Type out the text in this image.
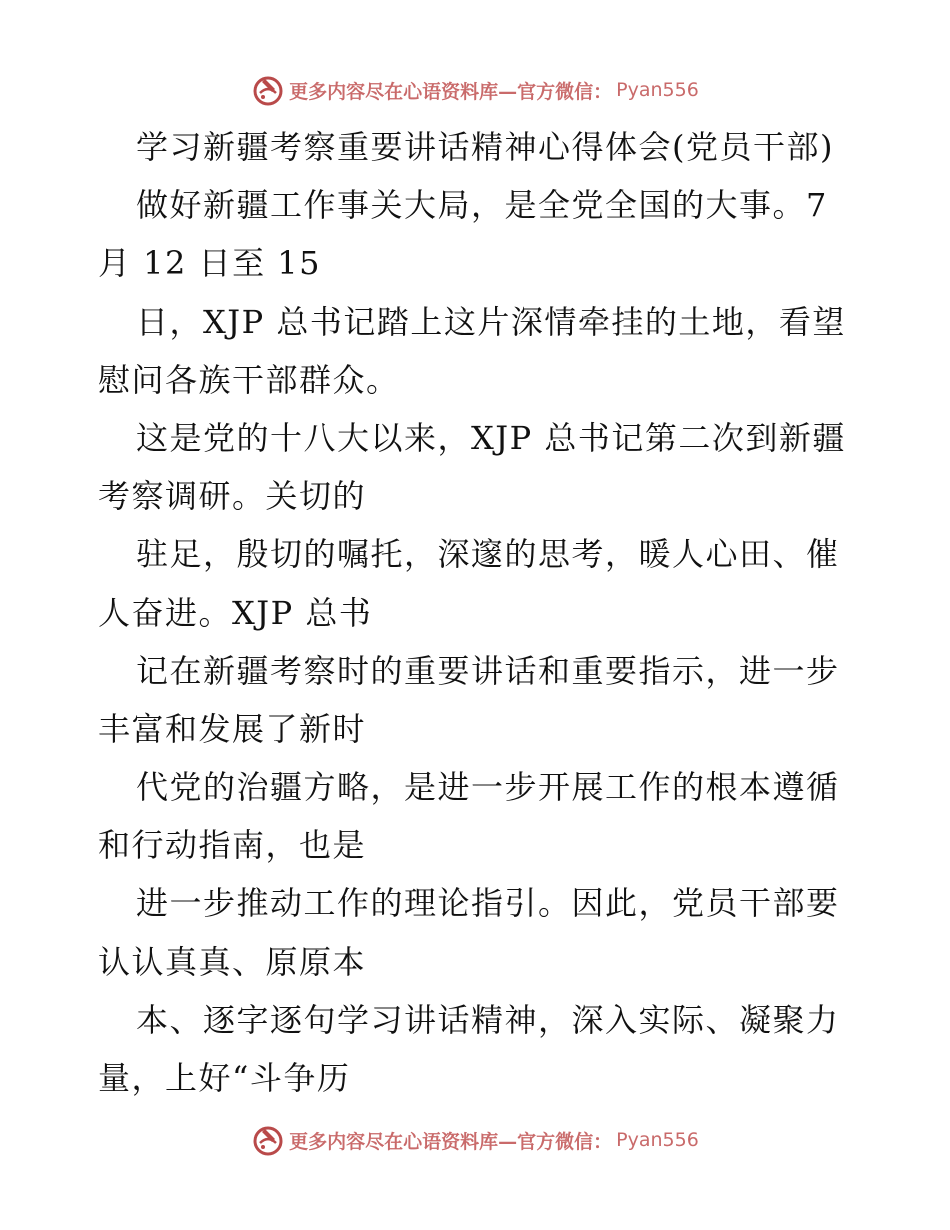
更多内容尽在心语资料库—官方微信： Pyan556
学习新疆考察重要讲话精神心得体会(党员干部)
做好新疆工作事关大局，是全党全国的大事。7
月 12 日至 15
日，XJP 总书记踏上这片深情牵挂的土地，看望
慰问各族干部群众。
这是党的十八大以来，XJP 总书记第二次到新疆
考察调研。关切的
驻足，殷切的嘱托，深邃的思考，暖人心田、催
人奋进。XJP 总书
记在新疆考察时的重要讲话和重要指示，进一步
丰富和发展了新时
代党的治疆方略，是进一步开展工作的根本遵循
和行动指南，也是
进一步推动工作的理论指引。因此，党员干部要
认认真真、原原本
本、逐字逐句学习讲话精神，深入实际、凝聚力
量，上好“斗争历
更多内容尽在心语资料库—官方微信： Pyan556
